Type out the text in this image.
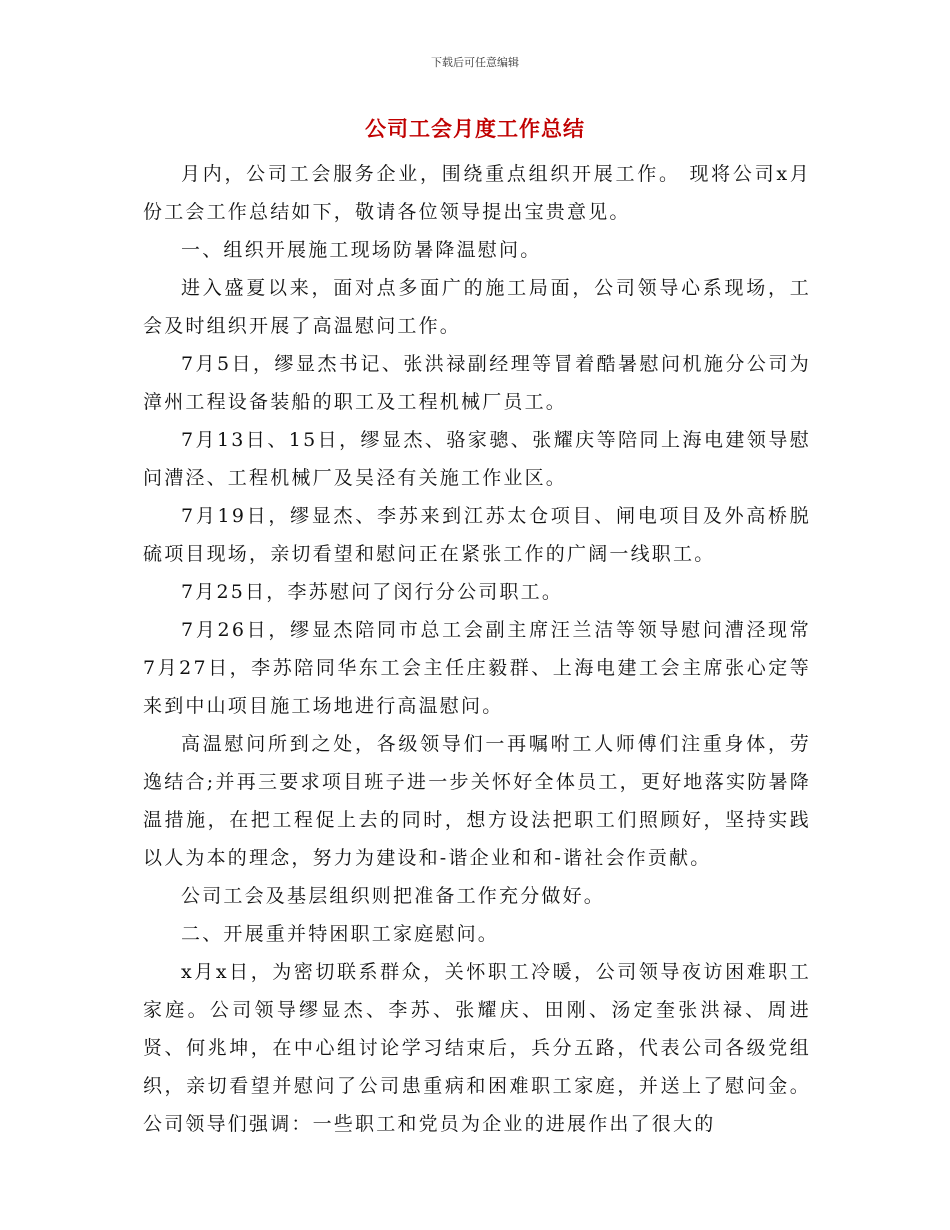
下载后可任意编辑
公司工会月度工作总结

月内，公司工会服务企业，围绕重点组织开展工作。 现将公司x月份工会工作总结如下，敬请各位领导提出宝贵意见。

一、组织开展施工现场防暑降温慰问。

进入盛夏以来，面对点多面广的施工局面，公司领导心系现场，工会及时组织开展了高温慰问工作。

7月5日，缪显杰书记、张洪禄副经理等冒着酷暑慰问机施分公司为漳州工程设备装船的职工及工程机械厂员工。

7月13日、15日，缪显杰、骆家骢、张耀庆等陪同上海电建领导慰问漕泾、工程机械厂及吴泾有关施工作业区。

7月19日，缪显杰、李苏来到江苏太仓项目、闸电项目及外高桥脱硫项目现场，亲切看望和慰问正在紧张工作的广阔一线职工。

7月25日，李苏慰问了闵行分公司职工。

7月26日，缪显杰陪同市总工会副主席汪兰洁等领导慰问漕泾现常 7月27日，李苏陪同华东工会主任庄毅群、上海电建工会主席张心定等来到中山项目施工场地进行高温慰问。

高温慰问所到之处，各级领导们一再嘱咐工人师傅们注重身体，劳逸结合;并再三要求项目班子进一步关怀好全体员工，更好地落实防暑降温措施，在把工程促上去的同时，想方设法把职工们照顾好，坚持实践以人为本的理念，努力为建设和-谐企业和和-谐社会作贡献。

公司工会及基层组织则把准备工作充分做好。

二、开展重并特困职工家庭慰问。

x月x日，为密切联系群众，关怀职工冷暖，公司领导夜访困难职工家庭。公司领导缪显杰、李苏、张耀庆、田刚、汤定奎张洪禄、周进贤、何兆坤，在中心组讨论学习结束后，兵分五路，代表公司各级党组织，亲切看望并慰问了公司患重病和困难职工家庭，并送上了慰问金。公司领导们强调：一些职工和党员为企业的进展作出了很大的
